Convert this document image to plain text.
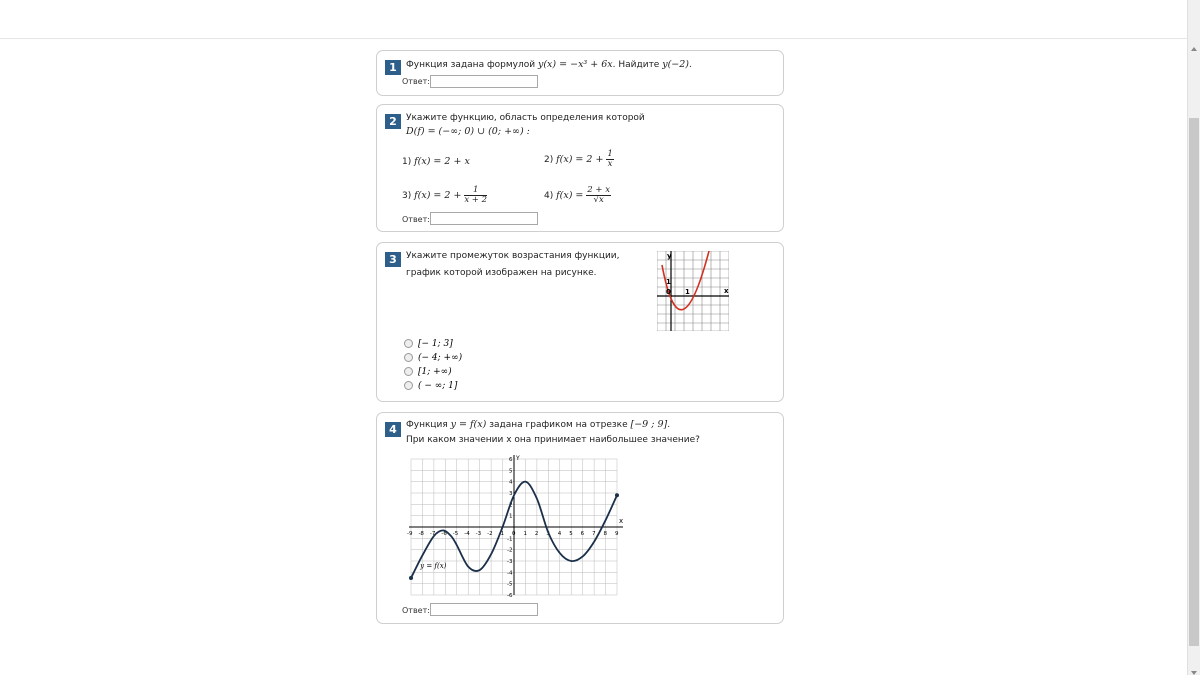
1	Функция задана формулой y(x) = −x³ + 6x. Найдите y(−2).
Ответ:
2	Укажите функцию, область определения которой
D(f) = (−∞; 0) ∪ (0; +∞) :
1) f(x) = 2 + x	2) $f(x) = 2 + \frac{1}{x}$
3) $f(x) = 2 + \frac{1}{x + 2}$	4) $f(x) = \frac{2 + x}{√x}$
Ответ:
3	Укажите промежуток возрастания функции,
график которой изображен на рисунке.
y
x
0 1
1
[− 1; 3]
(− 4; +∞)
[1; +∞)
( − ∞; 1]
4	Функция y = f(x) задана графиком на отрезке [−9 ; 9].
При каком значении x она принимает наибольшее значение?
-9 -8 -7 -6 -5 -4 -3 -2 -1 0 1 2 3 4 5 6 7 8 9
-6
-5
-4
-3
-2
-1
1
2
3
4
5
6
x
Y
y = f(x)
Ответ:
